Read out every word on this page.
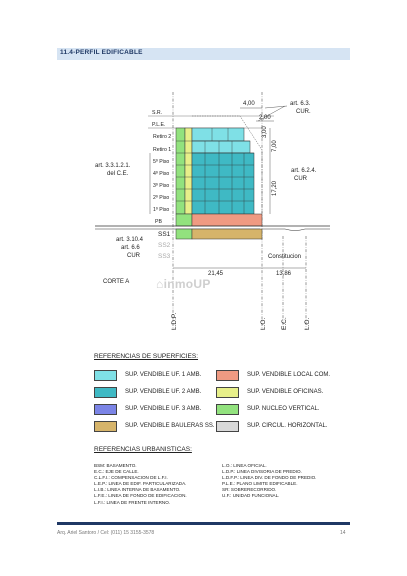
11.4-PERFIL EDIFICABLE
S.R.
P.L.E.
Retiro 2
Retiro 1
5º Piso
4º Piso
3º Piso
2º Piso
1º Piso
PB
SS1
SS2
SS3
4,00
2,00
3,00
7,00
17,20
21,45	13,86
art. 6.3.
CUR.
art. 3.3.1.2.1.
del C.E.	art. 6.2.4.
CUR
art. 3.10.4
art. 6.6
CUR	Constitucion
CORTE A
L.D.P.	L.O. E.C. L.O.
⌂inmoUP
REFERENCIAS DE SUPERFICIES:
SUP. VENDIBLE UF. 1 AMB.	SUP. VENDIBLE LOCAL COM.
SUP. VENDIBLE UF. 2 AMB.	SUP. VENDIBLE OFICINAS.
SUP. VENDIBLE UF. 3 AMB.	SUP. NUCLEO VERTICAL.
SUP. VENDIBLE BAULERAS SS.	SUP. CIRCUL. HORIZONTAL.
REFERENCIAS URBANISTICAS:
BSM: BASAMENTO.
E.C.: EJE DE CALLE.
C.L.F.I.: COMPENSACION DE L.F.I.
L.E.P.: LINEA DE EDIF. PARTICULARIZADA.
L.I.B.: LINEA INTERNA DE BASAMENTO.
L.F.E.: LINEA DE FONDO DE EDIFICACION.
L.F.I.: LINEA DE FRENTE INTERNO.
L.O.: LINEA OFICIAL.
L.D.P.: LINEA DIVISORIA DE PREDIO.
L.D.F.P.: LINEA DIV. DE FONDO DE PREDIO.
P.L.E.: PLANO LIMITE EDIFICABLE.
SR: SOBRERECORRIDO.
U.F.: UNIDAD FUNCIONAL.
Arq. Ariel Santoro / Cel: (011) 15 3155-3578	14
